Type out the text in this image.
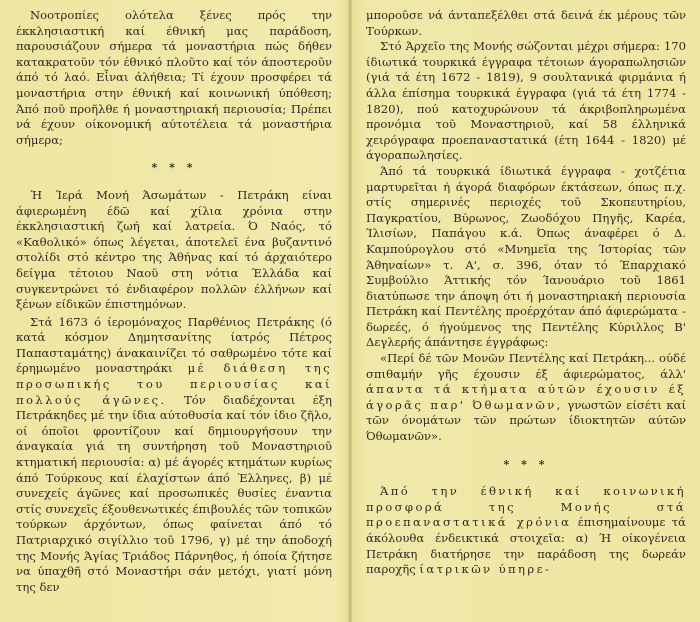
Νοοτροπίες ολότελα ξένες πρός την έκκλησιαστική καί έθνική μας παράδοση, παρουσιάζουν σήμερα τά μοναστήρια πώς δήθεν κατακρατοῦν τόν έθνικό πλοῦτο καί τόν άποστεροῦν άπό τό λαό. Εἶναι άλήθεια; Τί έχουν προσφέρει τά μοναστήρια στην έθνική καί κοινωνική ύπόθεση; Άπό ποῦ προῆλθε ή μοναστηριακή περιουσία; Πρέπει νά έχουν οίκονομική αύτοτέλεια τά μοναστήρια σήμερα;

* * *

Ή Ίερά Μονή Άσωμάτων - Πετράκη είναι άφιερωμένη έδῶ καί χίλια χρόνια στην έκκλησιαστική ζωή καί λατρεία. Ό Ναός, τό «Καθολικό» όπως λέγεται, άποτελεῖ ένα βυζαντινό στολίδι στό κέντρο της Άθήνας καί τό άρχαιότερο δείγμα τέτοιου Ναοῦ στη νότια Έλλάδα καί συγκεντρώνει τό ένδιαφέρον πολλῶν έλλήνων καί ξένων είδικῶν έπιστημόνων.

Στά 1673 ό ίερομόναχος Παρθένιος Πετράκης (ό κατά κόσμον Δημητσανίτης ίατρός Πέτρος Παπασταμάτης) άνακαινίζει τό σαθρωμένο τότε καί έρημωμένο μοναστηράκι μέ διάθεση της προσωπικής του περιουσίας καί πολλούς άγῶνες. Τόν διαδέχονται έξη Πετράκηδες μέ την ίδια αύτοθυσία καί τόν ίδιο ζῆλο, οί όποῖοι φροντίζουν καί δημιουργήσουν την άναγκαία γιά τη συντήρηση τοῦ Μοναστηριοῦ κτηματική περιουσία: α) μέ άγορές κτημάτων κυρίως άπό Τούρκους καί έλαχίστων άπό Έλληνες, β) μέ συνεχείς άγῶνες καί προσωπικές θυσίες έναντια στίς συνεχεῖς έξουθενωτικές έπιβουλές τῶν τοπικῶν τούρκων άρχόντων, όπως φαίνεται άπό τό Πατριαρχικό σιγίλλιο τοῦ 1796, γ) μέ την άποδοχή της Μονής Άγίας Τριάδος Πάρνηθος, ή όποία ζήτησε να ύπαχθῆ στό Μοναστήρι σάν μετόχι, γιατί μόνη της δεν

μποροῦσε νά άνταπεξέλθει στά δεινά έκ μέρους τῶν Τούρκων.

Στό Άρχεῖο της Μονής σώζονται μέχρι σήμερα: 170 ίδιωτικά τουρκικά έγγραφα τέτοιων άγοραπωλησιῶν (γιά τά έτη 1672 - 1819), 9 σουλτανικά φιρμάνια ή άλλα έπίσημα τουρκικά έγγραφα (γιά τά έτη 1774 - 1820), πού κατοχυρώνουν τά άκριβοπληρωμένα προνόμια τοῦ Μοναστηριοῦ, καί 58 έλληνικά χειρόγραφα προεπαναστατικά (έτη 1644 - 1820) μέ άγοραπωλησίες.

Άπό τά τουρκικά ίδιωτικά έγγραφα - χοτζέτια μαρτυρεῖται ή άγορά διαφόρων έκτάσεων, όπως π.χ. στίς σημερινές περιοχές τοῦ Σκοπευτηρίου, Παγκρατίου, Βύρωνος, Ζωοδόχου Πηγῆς, Καρέα, Ίλισίων, Παπάγου κ.ά. Όπως άναφέρει ό Δ. Καμπούρογλου στό «Μνημεῖα της Ίστορίας τῶν Άθηναίων» τ. Α', σ. 396, όταν τό Έπαρχιακό Συμβούλιο Άττικής τόν Ίανουάριο τοῦ 1861 διατύπωσε την άποψη ότι ή μοναστηριακή περιουσία Πετράκη καί Πεντέλης προέρχόταν άπό άφιερώματα - δωρεές, ό ήγούμενος της Πεντέλης Κύριλλος Β' Δεγλερής άπάντησε έγγράφως:

«Περί δέ τῶν Μονῶν Πεντέλης καί Πετράκη... ούδέ σπιθαμήν γῆς έχουσιν έξ άφιερώματος, άλλ' άπαντα τά κτήματα αύτῶν έχουσιν έξ άγορᾶς παρ' Όθωμανῶν, γνωστῶν είσέτι καί τῶν όνομάτων τῶν πρώτων ίδιοκτητῶν αύτῶν Όθωμανῶν».

* * *

Άπό την έθνική καί κοινωνική προσφορά της Μονής στά προεπαναστατικά χρόνια έπισημαίνουμε τά άκόλουθα ένδεικτικά στοιχεῖα: α) Ή οίκογένεια Πετράκη διατήρησε την παράδοση της δωρεάν παροχῆς ίατρικῶν ύπηρε-
